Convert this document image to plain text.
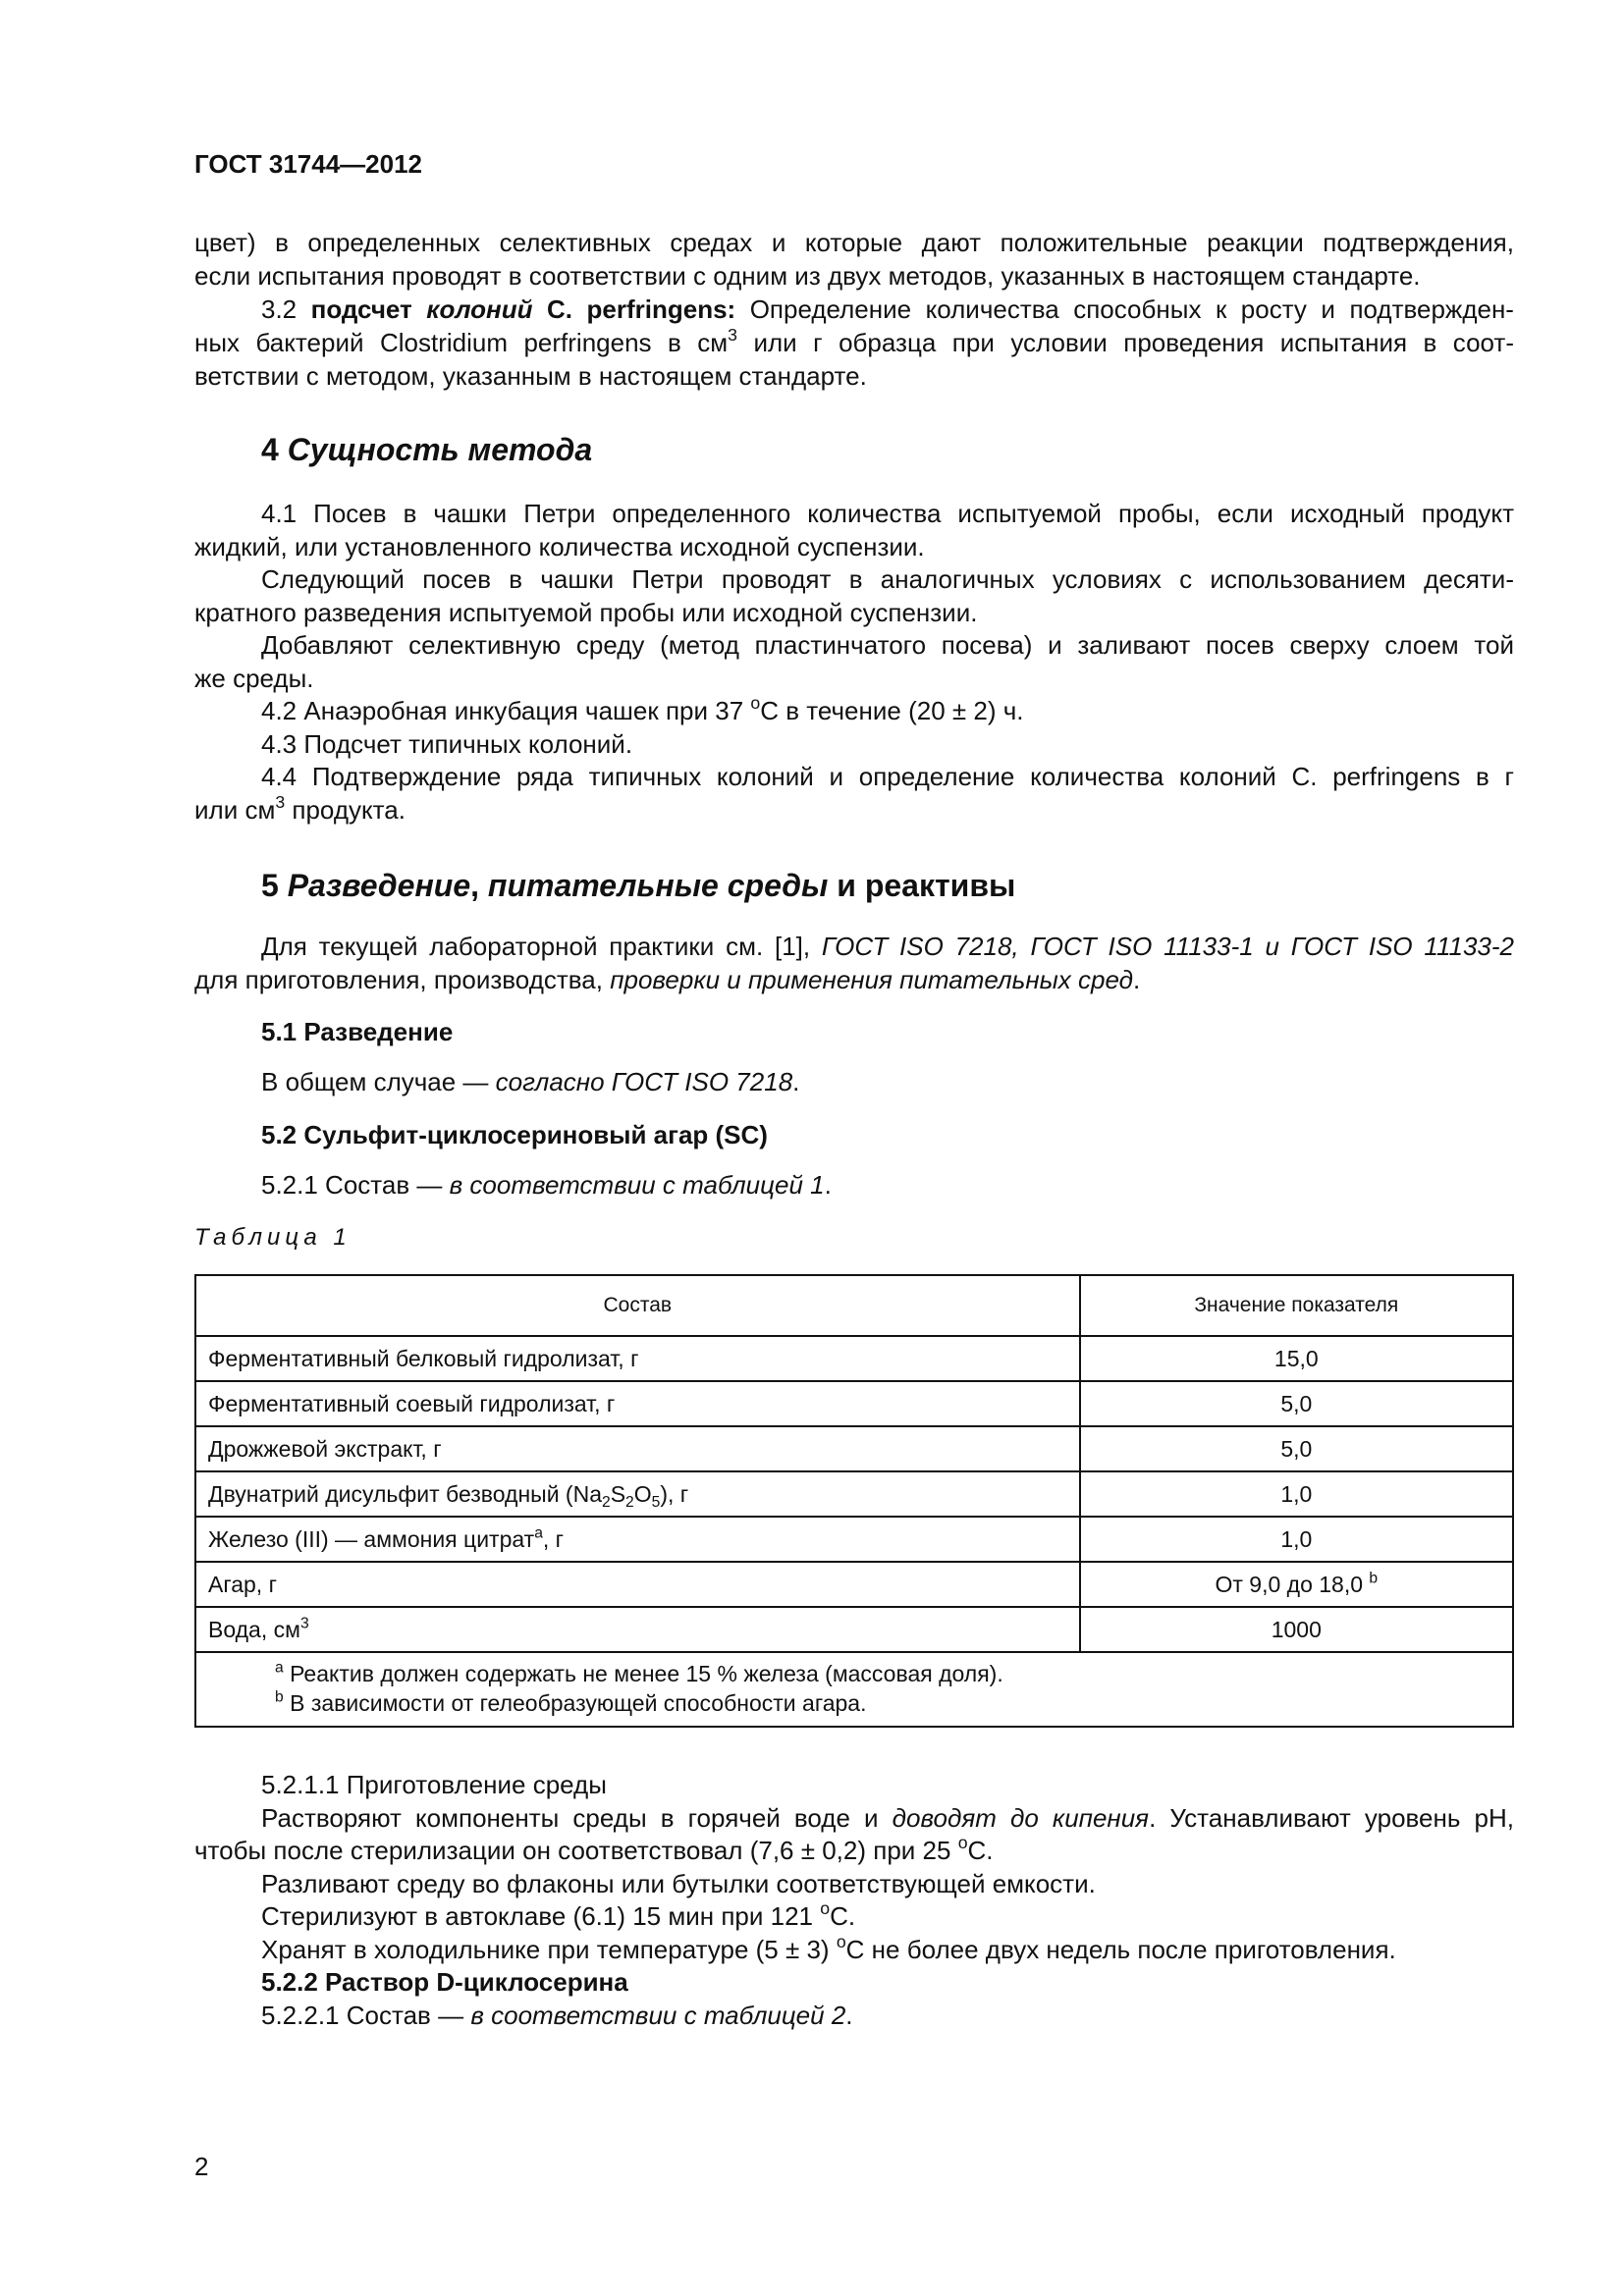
ГОСТ 31744—2012
цвет) в определенных селективных средах и которые дают положительные реакции подтверждения,
если испытания проводят в соответствии с одним из двух методов, указанных в настоящем стандарте.
3.2 подсчет колоний C. perfringens: Определение количества способных к росту и подтвержден-
ных бактерий Clostridium perfringens в $см^3$ или г образца при условии проведения испытания в соот-
ветствии с методом, указанным в настоящем стандарте.
4 Сущность метода
4.1 Посев в чашки Петри определенного количества испытуемой пробы, если исходный продукт
жидкий, или установленного количества исходной суспензии.
Следующий посев в чашки Петри проводят в аналогичных условиях с использованием десяти-
кратного разведения испытуемой пробы или исходной суспензии.
Добавляют селективную среду (метод пластинчатого посева) и заливают посев сверху слоем той
же среды.
4.2 Анаэробная инкубация чашек при 37 $^о$С в течение (20 ± 2) ч.
4.3 Подсчет типичных колоний.
4.4 Подтверждение ряда типичных колоний и определение количества колоний C. perfringens в г
или $см^3$ продукта.
5 Разведение, питательные среды и реактивы
Для текущей лабораторной практики см. [1], ГОСТ ISO 7218, ГОСТ ISO 11133-1 и ГОСТ ISO 11133-2
для приготовления, производства, проверки и применения питательных сред.
5.1 Разведение
В общем случае — согласно ГОСТ ISO 7218.
5.2 Сульфит-циклосериновый агар (SC)
5.2.1 Состав — в соответствии с таблицей 1.
Таблица 1
Состав	Значение показателя
Ферментативный белковый гидролизат, г	15,0
Ферментативный соевый гидролизат, г	5,0
Дрожжевой экстракт, г	5,0
Двунатрий дисульфит безводный $(Na_2S_2O_5)$, г	1,0
Железо (III) — аммония цитрат$^a$, г	1,0
Агар, г	От 9,0 до 18,0 $^b$
Вода, $см^3$	1000

$^a$ Реактив должен содержать не менее 15 % железа (массовая доля).
$^b$ В зависимости от гелеобразующей способности агара.	
5.2.1.1 Приготовление среды
Растворяют компоненты среды в горячей воде и доводят до кипения. Устанавливают уровень pH,
чтобы после стерилизации он соответствовал (7,6 ± 0,2) при 25 $^о$С.
Разливают среду во флаконы или бутылки соответствующей емкости.
Стерилизуют в автоклаве (6.1) 15 мин при 121 $^о$С.
Хранят в холодильнике при температуре (5 ± 3) $^о$С не более двух недель после приготовления.
5.2.2 Раствор D-циклосерина
5.2.2.1 Состав — в соответствии с таблицей 2.
2
